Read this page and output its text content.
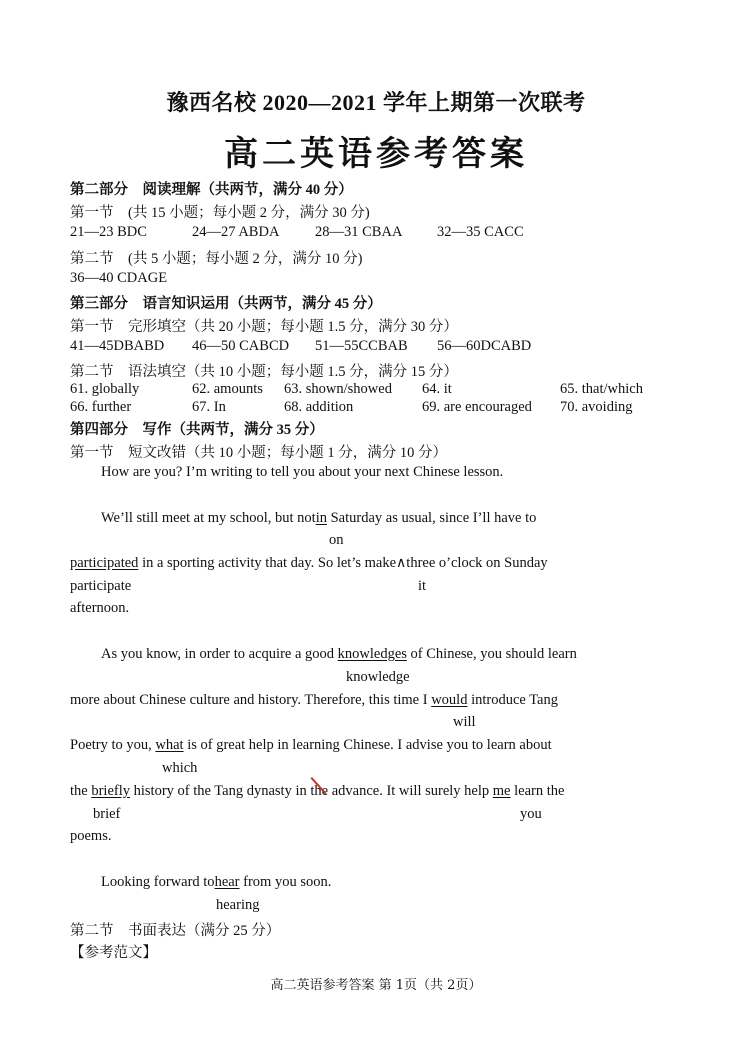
豫西名校 2020—2021 学年上期第一次联考
高二英语参考答案
第二部分　阅读理解（共两节，满分 40 分）
第一节　(共 15 小题；每小题 2 分，满分 30 分)
21—23 BDC	24—27 ABDA 28—31 CBAA 32—35 CACC
第二节　(共 5 小题；每小题 2 分，满分 10 分)
36—40 CDAGE
第三部分　语言知识运用（共两节，满分 45 分）
第一节　完形填空（共 20 小题；每小题 1.5 分，满分 30 分）
41—45DBABD 46—50 CABCD 51—55CCBAB 56—60DCABD
第二节　语法填空（共 10 小题；每小题 1.5 分，满分 15 分）
61. globally	62. amounts 63. shown/showed 64. it	65. that/which
66. further	67. In	68. addition	69. are encouraged 70. avoiding
第四部分　写作（共两节，满分 35 分）
第一节　短文改错（共 10 小题；每小题 1 分，满分 10 分）
How are you? I’m writing to tell you about your next Chinese lesson.
We’ll still meet at my school, but notin Saturday as usual, since I’ll have to
on
participated in a sporting activity that day. So let’s make∧three o’clock on Sunday
participate	it
afternoon.
As you know, in order to acquire a good knowledges of Chinese, you should learn
knowledge
more about Chinese culture and history. Therefore, this time I would introduce Tang
will
Poetry to you, what is of great help in learning Chinese. I advise you to learn about
which
the briefly history of the Tang dynasty in the advance. It will surely help me learn the
brief	you
poems.
Looking forward tohear from you soon.
hearing
第二节　书面表达（满分 25 分）
【参考范文】
高二英语参考答案 第 1页（共 2页）
